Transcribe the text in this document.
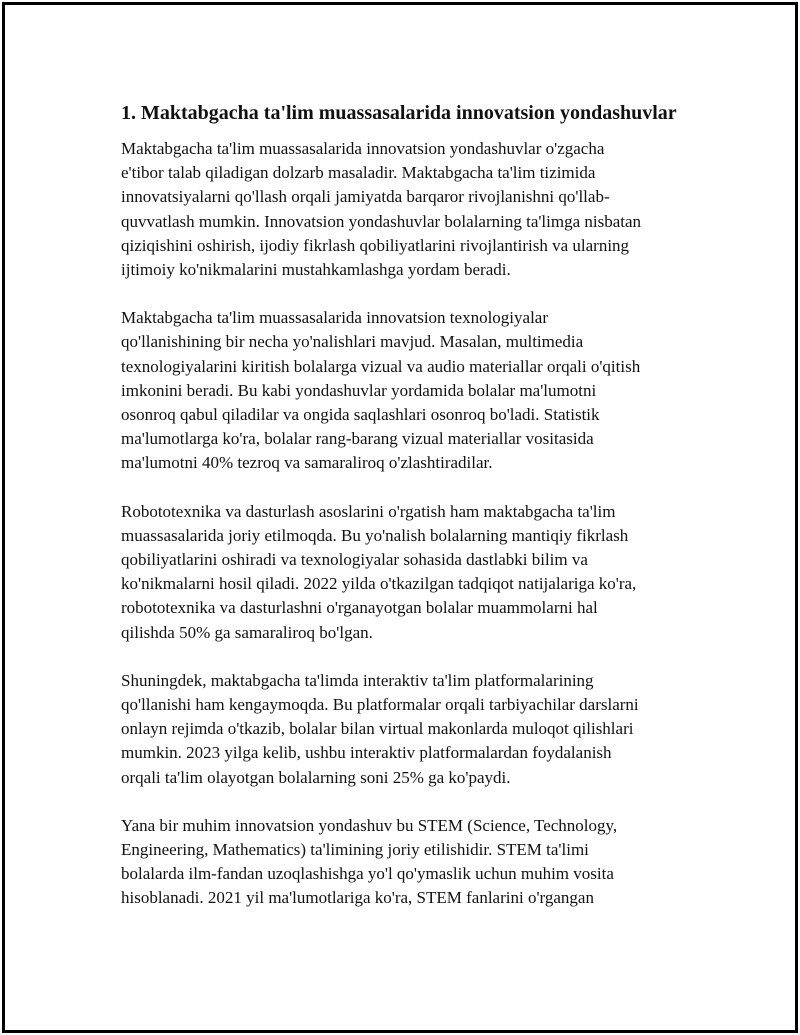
1. Maktabgacha ta'lim muassasalarida innovatsion yondashuvlar

Maktabgacha ta'lim muassasalarida innovatsion yondashuvlar o'zgacha
e'tibor talab qiladigan dolzarb masaladir. Maktabgacha ta'lim tizimida
innovatsiyalarni qo'llash orqali jamiyatda barqaror rivojlanishni qo'llab-
quvvatlash mumkin. Innovatsion yondashuvlar bolalarning ta'limga nisbatan
qiziqishini oshirish, ijodiy fikrlash qobiliyatlarini rivojlantirish va ularning
ijtimoiy ko'nikmalarini mustahkamlashga yordam beradi.

Maktabgacha ta'lim muassasalarida innovatsion texnologiyalar
qo'llanishining bir necha yo'nalishlari mavjud. Masalan, multimedia
texnologiyalarini kiritish bolalarga vizual va audio materiallar orqali o'qitish
imkonini beradi. Bu kabi yondashuvlar yordamida bolalar ma'lumotni
osonroq qabul qiladilar va ongida saqlashlari osonroq bo'ladi. Statistik
ma'lumotlarga ko'ra, bolalar rang-barang vizual materiallar vositasida
ma'lumotni 40% tezroq va samaraliroq o'zlashtiradilar.

Robototexnika va dasturlash asoslarini o'rgatish ham maktabgacha ta'lim
muassasalarida joriy etilmoqda. Bu yo'nalish bolalarning mantiqiy fikrlash
qobiliyatlarini oshiradi va texnologiyalar sohasida dastlabki bilim va
ko'nikmalarni hosil qiladi. 2022 yilda o'tkazilgan tadqiqot natijalariga ko'ra,
robototexnika va dasturlashni o'rganayotgan bolalar muammolarni hal
qilishda 50% ga samaraliroq bo'lgan.

Shuningdek, maktabgacha ta'limda interaktiv ta'lim platformalarining
qo'llanishi ham kengaymoqda. Bu platformalar orqali tarbiyachilar darslarni
onlayn rejimda o'tkazib, bolalar bilan virtual makonlarda muloqot qilishlari
mumkin. 2023 yilga kelib, ushbu interaktiv platformalardan foydalanish
orqali ta'lim olayotgan bolalarning soni 25% ga ko'paydi.

Yana bir muhim innovatsion yondashuv bu STEM (Science, Technology,
Engineering, Mathematics) ta'limining joriy etilishidir. STEM ta'limi
bolalarda ilm-fandan uzoqlashishga yo'l qo'ymaslik uchun muhim vosita
hisoblanadi. 2021 yil ma'lumotlariga ko'ra, STEM fanlarini o'rgangan
